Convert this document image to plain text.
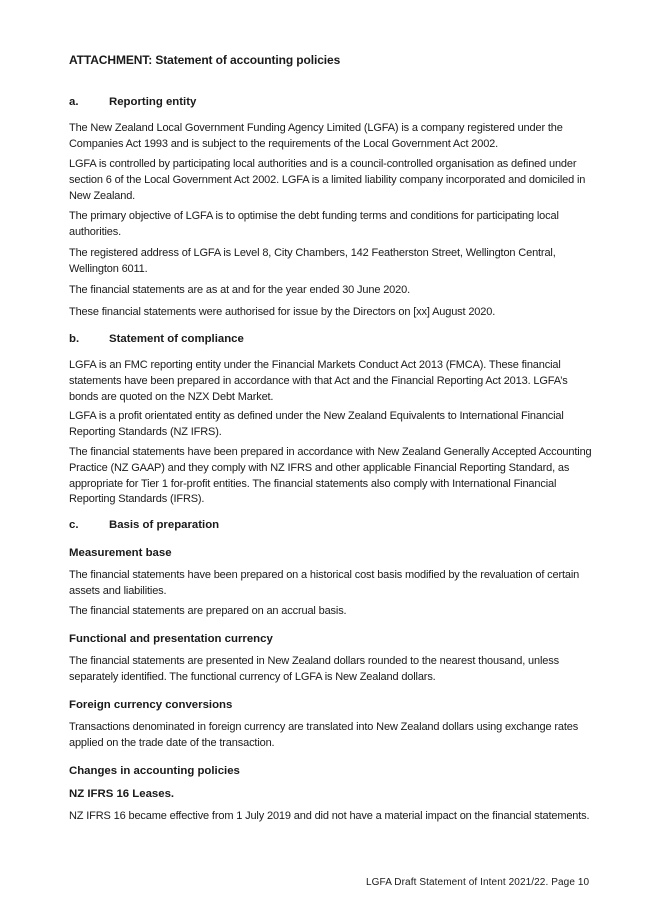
ATTACHMENT: Statement of accounting policies
a.	Reporting entity

The New Zealand Local Government Funding Agency Limited (LGFA) is a company registered under the Companies Act 1993 and is subject to the requirements of the Local Government Act 2002.

LGFA is controlled by participating local authorities and is a council-controlled organisation as defined under section 6 of the Local Government Act 2002. LGFA is a limited liability company incorporated and domiciled in New Zealand.

The primary objective of LGFA is to optimise the debt funding terms and conditions for participating local authorities.

The registered address of LGFA is Level 8, City Chambers, 142 Featherston Street, Wellington Central, Wellington 6011.

The financial statements are as at and for the year ended 30 June 2020.

These financial statements were authorised for issue by the Directors on [xx] August 2020.

b.	Statement of compliance

LGFA is an FMC reporting entity under the Financial Markets Conduct Act 2013 (FMCA). These financial statements have been prepared in accordance with that Act and the Financial Reporting Act 2013. LGFA’s bonds are quoted on the NZX Debt Market.

LGFA is a profit orientated entity as defined under the New Zealand Equivalents to International Financial Reporting Standards (NZ IFRS).

The financial statements have been prepared in accordance with New Zealand Generally Accepted Accounting Practice (NZ GAAP) and they comply with NZ IFRS and other applicable Financial Reporting Standard, as appropriate for Tier 1 for-profit entities. The financial statements also comply with International Financial Reporting Standards (IFRS).

c.	Basis of preparation
Measurement base

The financial statements have been prepared on a historical cost basis modified by the revaluation of certain assets and liabilities.

The financial statements are prepared on an accrual basis.

Functional and presentation currency

The financial statements are presented in New Zealand dollars rounded to the nearest thousand, unless separately identified. The functional currency of LGFA is New Zealand dollars.

Foreign currency conversions

Transactions denominated in foreign currency are translated into New Zealand dollars using exchange rates applied on the trade date of the transaction.

Changes in accounting policies
NZ IFRS 16 Leases.

NZ IFRS 16 became effective from 1 July 2019 and did not have a material impact on the financial statements.

LGFA Draft Statement of Intent 2021/22. Page 10
